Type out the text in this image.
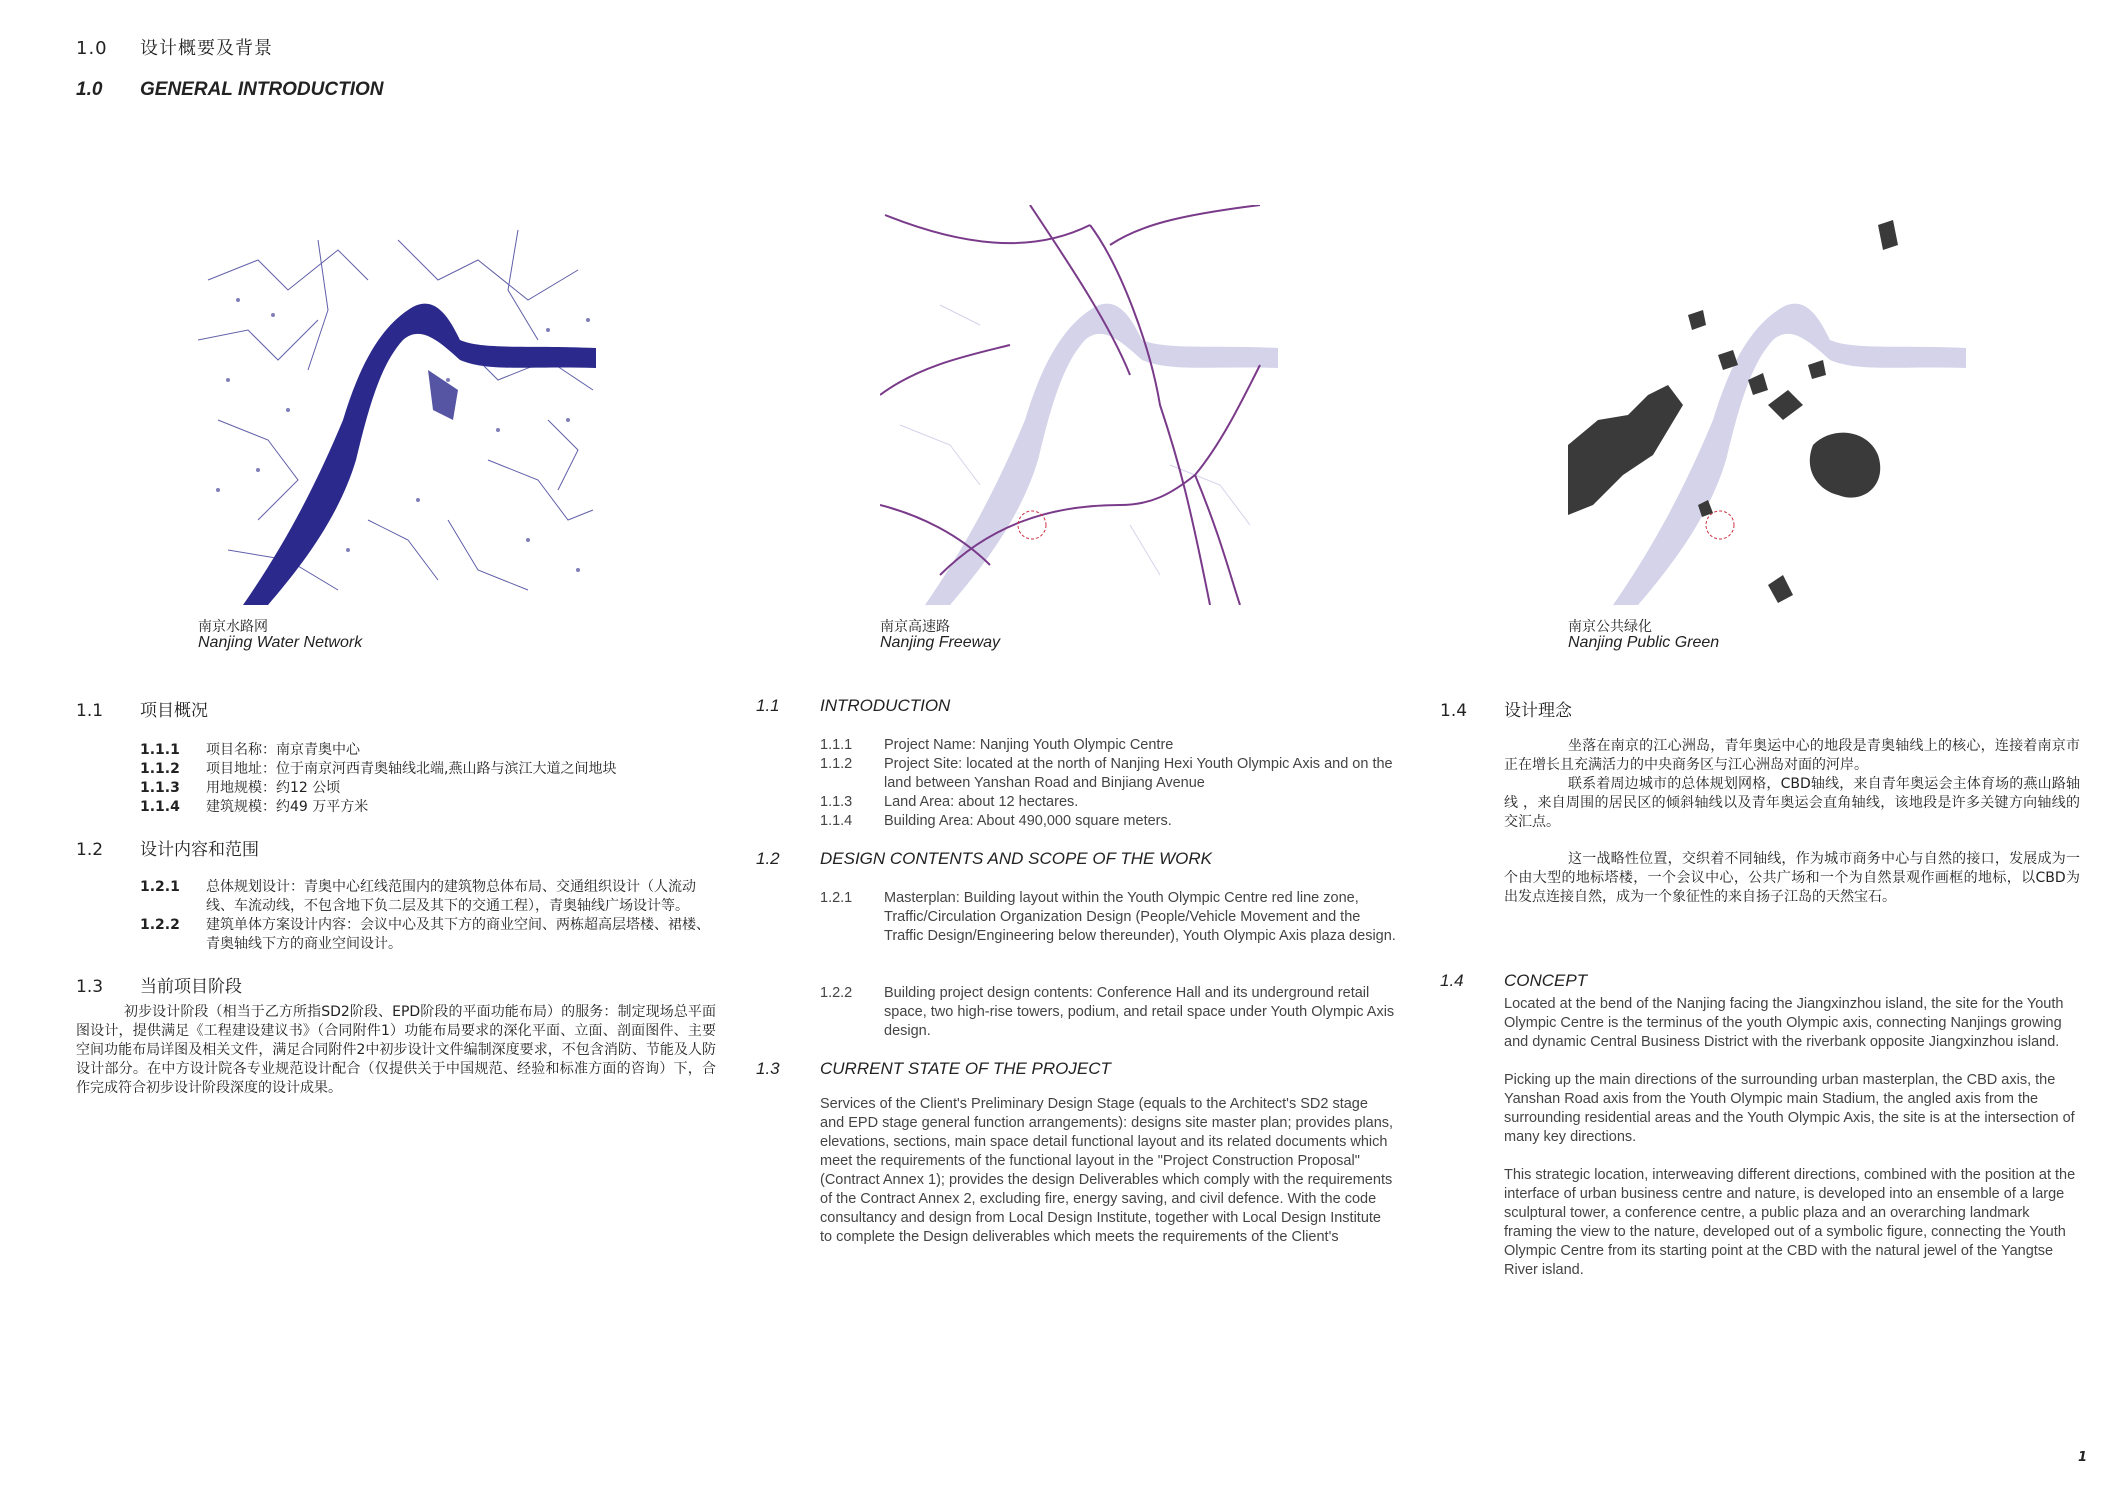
1.0 设计概要及背景
1.0 GENERAL INTRODUCTION
南京水路网
Nanjing Water Network
南京高速路
Nanjing Freeway
南京公共绿化
Nanjing Public Green
1.1 项目概况
1.1.1	项目名称：南京青奥中心
1.1.2	项目地址：位于南京河西青奥轴线北端,燕山路与滨江大道之间地块
1.1.3	用地规模：约12 公顷
1.1.4	建筑规模：约49 万平方米
1.2 设计内容和范围
1.2.1	总体规划设计：青奥中心红线范围内的建筑物总体布局、交通组织设计（人流动线、车流动线，不包含地下负二层及其下的交通工程），青奥轴线广场设计等。
1.2.2	建筑单体方案设计内容：会议中心及其下方的商业空间、两栋超高层塔楼、裙楼、青奥轴线下方的商业空间设计。
1.3 当前项目阶段
初步设计阶段（相当于乙方所指SD2阶段、EPD阶段的平面功能布局）的服务：制定现场总平面图设计，提供满足《工程建设建议书》（合同附件1）功能布局要求的深化平面、立面、剖面图件、主要空间功能布局详图及相关文件，满足合同附件2中初步设计文件编制深度要求，不包含消防、节能及人防设计部分。在中方设计院各专业规范设计配合（仅提供关于中国规范、经验和标准方面的咨询）下，合作完成符合初步设计阶段深度的设计成果。
1.1 INTRODUCTION
1.1.1	Project Name: Nanjing Youth Olympic Centre
1.1.2	Project Site: located at the north of Nanjing Hexi Youth Olympic Axis and on the land between Yanshan Road and Binjiang Avenue
1.1.3	Land Area: about 12 hectares.
1.1.4	Building Area: About 490,000 square meters.
1.2 DESIGN CONTENTS AND SCOPE OF THE WORK
1.2.1	Masterplan: Building layout within the Youth Olympic Centre red line zone, Traffic/Circulation Organization Design (People/Vehicle Movement and the Traffic Design/Engineering below thereunder), Youth Olympic Axis plaza design.
1.2.2	Building project design contents: Conference Hall and its underground retail space, two high-rise towers, podium, and retail space under Youth Olympic Axis design.
1.3 CURRENT STATE OF THE PROJECT
Services of the Client's Preliminary Design Stage (equals to the Architect's SD2 stage and EPD stage general function arrangements): designs site master plan; provides plans, elevations, sections, main space detail functional layout and its related documents which meet the requirements of the functional layout in the "Project Construction Proposal" (Contract Annex 1); provides the design Deliverables which comply with the requirements of the Contract Annex 2, excluding fire, energy saving, and civil defence. With the code consultancy and design from Local Design Institute, together with Local Design Institute to complete the Design deliverables which meets the requirements of the Client's
1.4 设计理念
坐落在南京的江心洲岛，青年奥运中心的地段是青奥轴线上的核心，连接着南京市正在增长且充满活力的中央商务区与江心洲岛对面的河岸。
联系着周边城市的总体规划网格，CBD轴线，来自青年奥运会主体育场的燕山路轴线 ，来自周围的居民区的倾斜轴线以及青年奥运会直角轴线，该地段是许多关键方向轴线的交汇点。
这一战略性位置，交织着不同轴线，作为城市商务中心与自然的接口，发展成为一个由大型的地标塔楼，一个会议中心，公共广场和一个为自然景观作画框的地标，以CBD为出发点连接自然，成为一个象征性的来自扬子江岛的天然宝石。
1.4 CONCEPT
Located at the bend of the Nanjing facing the Jiangxinzhou island, the site for the Youth Olympic Centre is the terminus of the youth Olympic axis, connecting Nanjings growing and dynamic Central Business District with the riverbank opposite Jiangxinzhou island.
Picking up the main directions of the surrounding urban masterplan, the CBD axis, the Yanshan Road axis from the Youth Olympic main Stadium, the angled axis from the surrounding residential areas and the Youth Olympic Axis, the site is at the intersection of many key directions.
This strategic location, interweaving different directions, combined with the position at the interface of urban business centre and nature, is developed into an ensemble of a large sculptural tower, a conference centre, a public plaza and an overarching landmark framing the view to the nature, developed out of a symbolic figure, connecting the Youth Olympic Centre from its starting point at the CBD with the natural jewel of the Yangtse River island.
1
